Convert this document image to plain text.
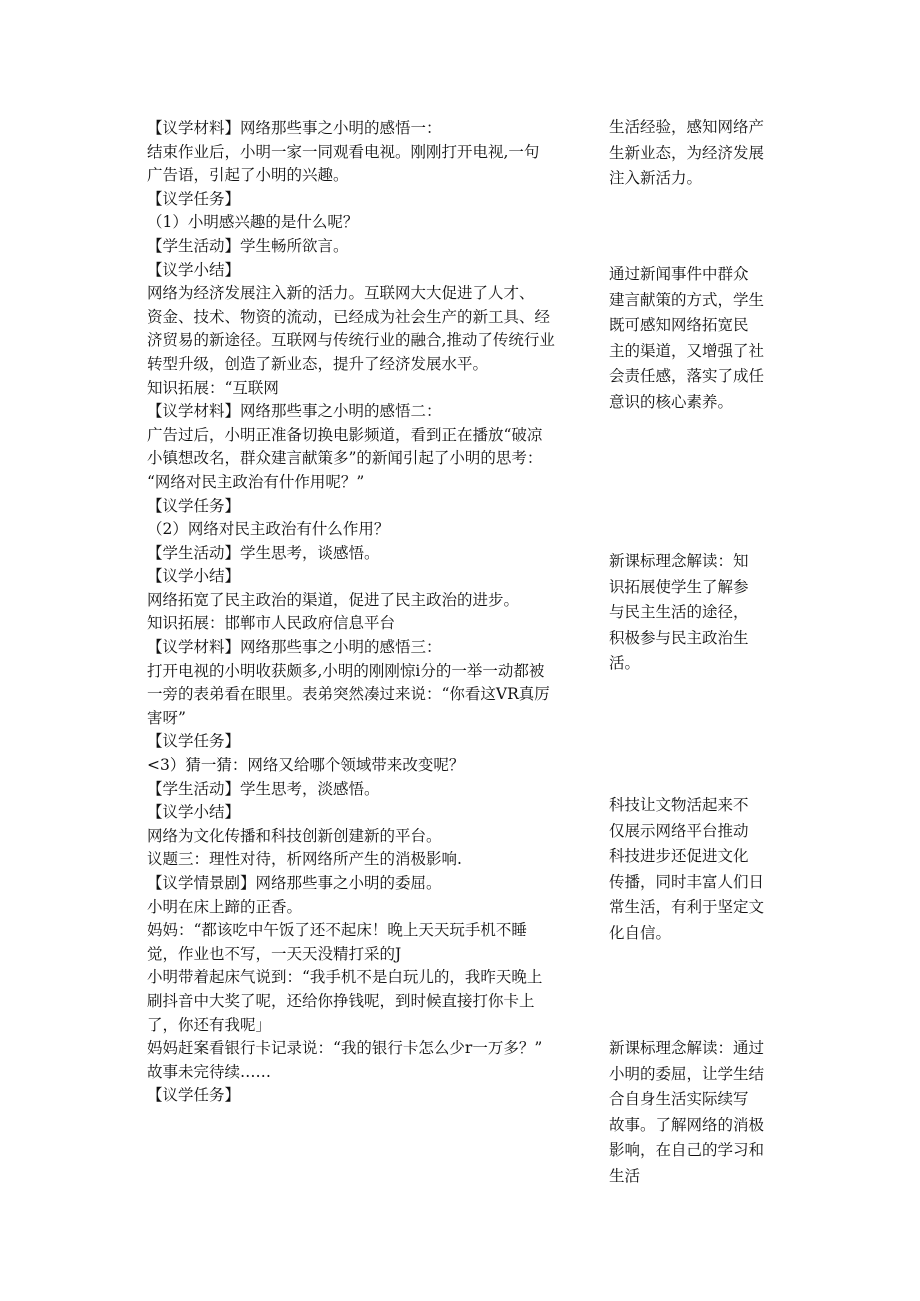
【议学材料】网络那些事之小明的感悟一：
结束作业后，小明一家一同观看电视。刚刚打开电视,一句
广告语，引起了小明的兴趣。
【议学任务】
（1）小明感兴趣的是什么呢？
【学生活动】学生畅所欲言。
【议学小结】
网络为经济发展注入新的活力。互联网大大促进了人才、
资金、技术、物资的流动，已经成为社会生产的新工具、经
济贸易的新途径。互联网与传统行业的融合,推动了传统行业
转型升级，创造了新业态，提升了经济发展水平。
知识拓展：“互联网
【议学材料】网络那些事之小明的感悟二：
广告过后，小明正准备切换电影频道，看到正在播放“破凉
小镇想改名，群众建言献策多”的新闻引起了小明的思考：
“网络对民主政治有什作用呢？”
【议学任务】
（2）网络对民主政治有什么作用？
【学生活动】学生思考，谈感悟。
【议学小结】
网络拓宽了民主政治的渠道，促进了民主政治的进步。
知识拓展：邯郸市人民政府信息平台
【议学材料】网络那些事之小明的感悟三：
打开电视的小明收获颇多,小明的刚刚惊i分的一举一动都被
一旁的表弟看在眼里。表弟突然凑过来说：“你看这VR真厉
害呀”
【议学任务】
<3）猜一猜：网络又给哪个领域带来改变呢？
【学生活动】学生思考，淡感悟。
【议学小结】
网络为文化传播和科技创新创建新的平台。
议题三：理性对待，析网络所产生的消极影响.
【议学情景剧】网络那些事之小明的委屈。
小明在床上蹄的正香。
妈妈：“都该吃中午饭了还不起床！晚上天天玩手机不睡
觉，作业也不写，一天天没精打采的J
小明带着起床气说到：“我手机不是白玩儿的，我昨天晚上
刷抖音中大奖了呢，还给你挣钱呢，到时候直接打你卡上
了，你还有我呢」
妈妈赶案看银行卡记录说：“我的银行卡怎么少r一万多？”
故事未完待续……
【议学任务】
生活经验，感知网络产
生新业态，为经济发展
注入新活力。
通过新闻事件中群众
建言献策的方式，学生
既可感知网络拓宽民
主的渠道，又增强了社
会责任感，落实了成任
意识的核心素养。
新课标理念解读：知
识拓展使学生了解参
与民主生活的途径，
积极参与民主政治生
活。
科技让文物活起来不
仅展示网络平台推动
科技进步还促进文化
传播，同时丰富人们日
常生活，有利于坚定文
化自信。
新课标理念解读：通过
小明的委屈，让学生结
合自身生活实际续写
故事。了解网络的消极
影响，在自己的学习和
生活
